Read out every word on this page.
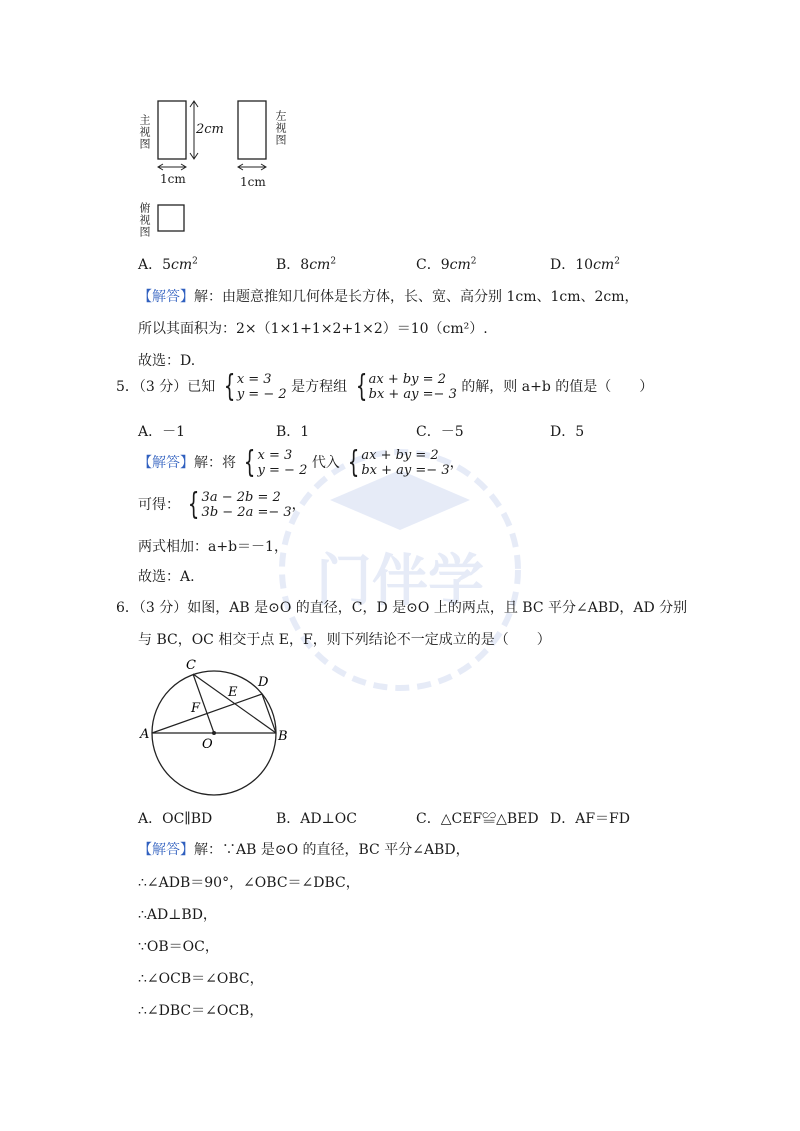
门伴学
主视图	左视图
俯视图
2cm
1cm	1cm
A．$5cm^2$	B．$8cm^2$	C．$9cm^2$	D．$10cm^2$
【解答】解：由题意推知几何体是长方体，长、宽、高分别 1cm、1cm、2cm，
所以其面积为：2×（1×1+1×2+1×2）＝10（cm²）.
故选：D.
5．（3 分）已知 { x = 3
y = − 2 是方程组 { ax + by = 2
bx + ay =− 3 的解，则 a+b 的值是（　　）
A．－1	B．1	C．－5	D．5
【解答】解：将 { x = 3
y = − 2 代入 { ax + by = 2
bx + ay =− 3 ，
可得： { 3a − 2b = 2
3b − 2a =− 3 ，
两式相加：a+b＝－1，
故选：A.
6．（3 分）如图，AB 是⊙O 的直径，C，D 是⊙O 上的两点，且 BC 平分∠ABD，AD 分别
与 BC，OC 相交于点 E，F，则下列结论不一定成立的是（　　）
A	B
C
D
E
F
O
A．OC∥BD	B．AD⊥OC	C．△CEF≌△BED D．AF＝FD
【解答】解：∵AB 是⊙O 的直径，BC 平分∠ABD，
∴∠ADB＝90°，∠OBC＝∠DBC，
∴AD⊥BD，
∵OB＝OC，
∴∠OCB＝∠OBC，
∴∠DBC＝∠OCB，
